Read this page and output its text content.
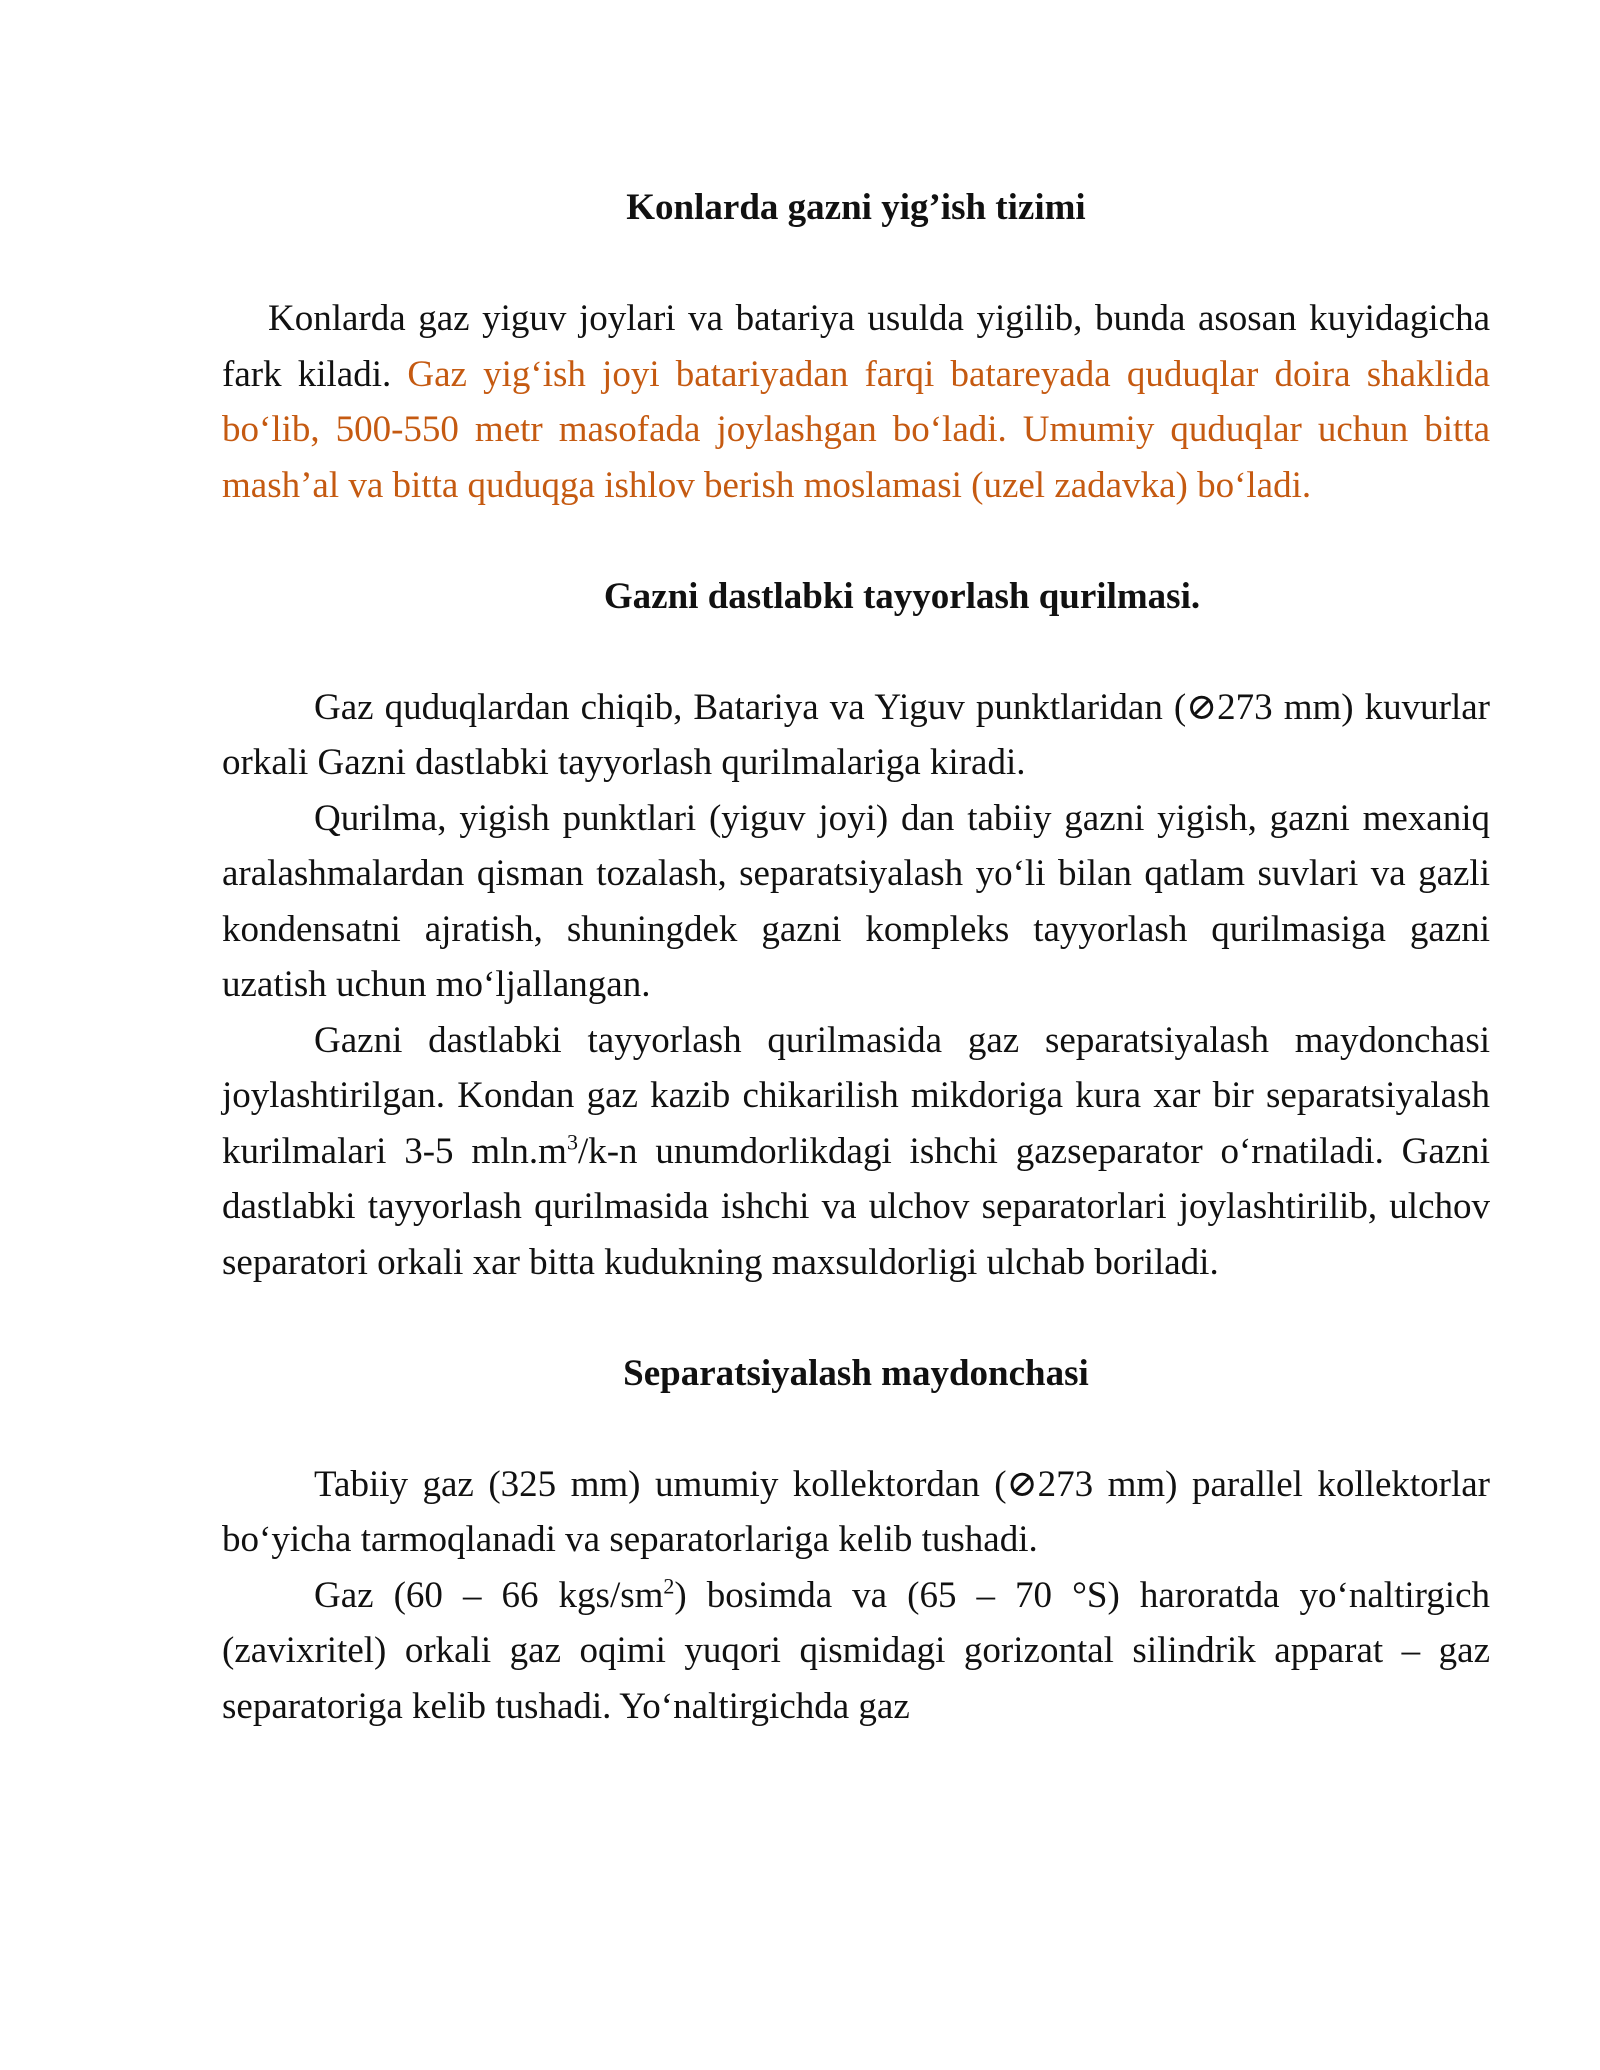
Konlarda gazni yig’ish tizimi

Konlarda gaz yiguv joylari va batariya usulda yigilib, bunda asosan kuyidagicha fark kiladi. Gaz yig‘ish joyi batariyadan farqi batareyada quduqlar doira shaklida bo‘lib, 500-550 metr masofada joylashgan bo‘ladi. Umumiy quduqlar uchun bitta mash’al va bitta quduqga ishlov berish moslamasi (uzel zadavka) bo‘ladi.

Gazni dastlabki tayyorlash qurilmasi.

Gaz quduqlardan chiqib, Batariya va Yiguv punktlaridan (⊘273 mm) kuvurlar orkali Gazni dastlabki tayyorlash qurilmalariga kiradi.

Qurilma, yigish punktlari (yiguv joyi) dan tabiiy gazni yigish, gazni mexaniq aralashmalardan qisman tozalash, separatsiyalash yo‘li bilan qatlam suvlari va gazli kondensatni ajratish, shuningdek gazni kompleks tayyorlash qurilmasiga gazni uzatish uchun mo‘ljallangan.

Gazni dastlabki tayyorlash qurilmasida gaz separatsiyalash maydonchasi joylashtirilgan. Kondan gaz kazib chikarilish mikdoriga kura xar bir separatsiyalash kurilmalari 3-5 $mln.m^3/k-n$ unumdorlikdagi ishchi gazseparator o‘rnatiladi. Gazni dastlabki tayyorlash qurilmasida ishchi va ulchov separatorlari joylashtirilib, ulchov separatori orkali xar bitta kudukning maxsuldorligi ulchab boriladi.

Separatsiyalash maydonchasi

Tabiiy gaz (325 mm) umumiy kollektordan (⊘273 mm) parallel kollektorlar bo‘yicha tarmoqlanadi va separatorlariga kelib tushadi.

Gaz (60 – 66 kgs/$sm^2$) bosimda va (65 – 70 °S) haroratda yo‘naltirgich (zavixritel) orkali gaz oqimi yuqori qismidagi gorizontal silindrik apparat – gaz separatoriga kelib tushadi. Yo‘naltirgichda gaz
